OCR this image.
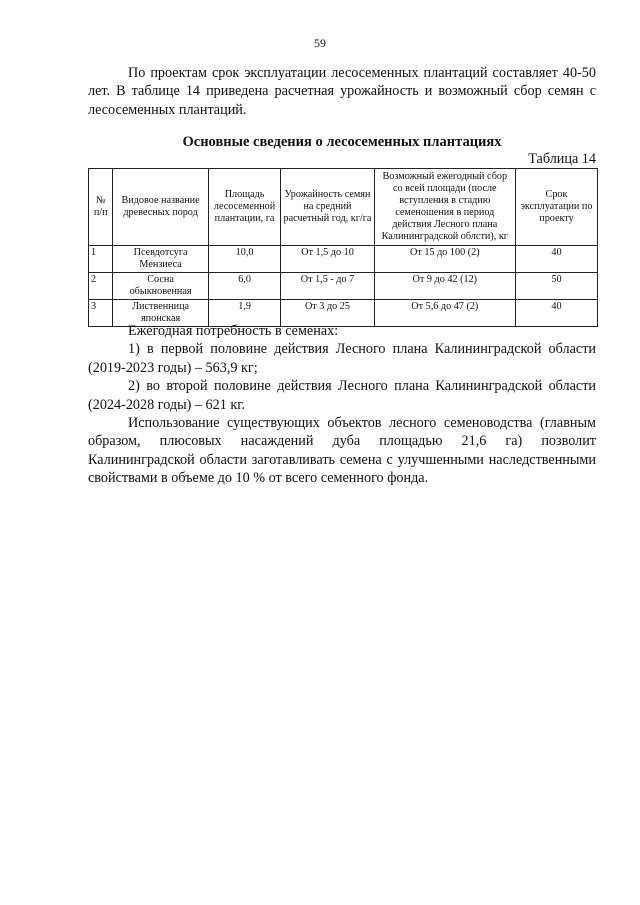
59

По проектам срок эксплуатации лесосеменных плантаций составляет 40-50 лет. В таблице 14 приведена расчетная урожайность и возможный сбор семян с лесосеменных плантаций.

Основные сведения о лесосеменных плантациях
Таблица 14
№ п/п	Видовое название древесных пород	Площадь лесосеменной плантации, га	Урожайность семян на средний расчетный год, кг/га	Возможный ежегодный сбор со всей площади (после вступления в стадию семеношения в период действия Лесного плана Калининградской облсти), кг	Срок эксплуатации по проекту
1	Псевдотсуга Мензиеса	10,0	От 1,5 до 10	От 15 до 100 (2)	40
2	Сосна обыкновенная	6,0	От 1,5 - до 7	От 9 до 42 (12)	50
3	Лиственница японская	1,9	От 3 до 25	От 5,6 до 47 (2)	40

Ежегодная потребность в семенах:

1) в первой половине действия Лесного плана Калининградской области (2019-2023 годы) – 563,9 кг;

2) во второй половине действия Лесного плана Калининградской области (2024-2028 годы) – 621 кг.

Использование существующих объектов лесного семеноводства (главным образом, плюсовых насаждений дуба площадью 21,6 га) позволит Калининградской области заготавливать семена с улучшенными наследственными свойствами в объеме до 10 % от всего семенного фонда.
